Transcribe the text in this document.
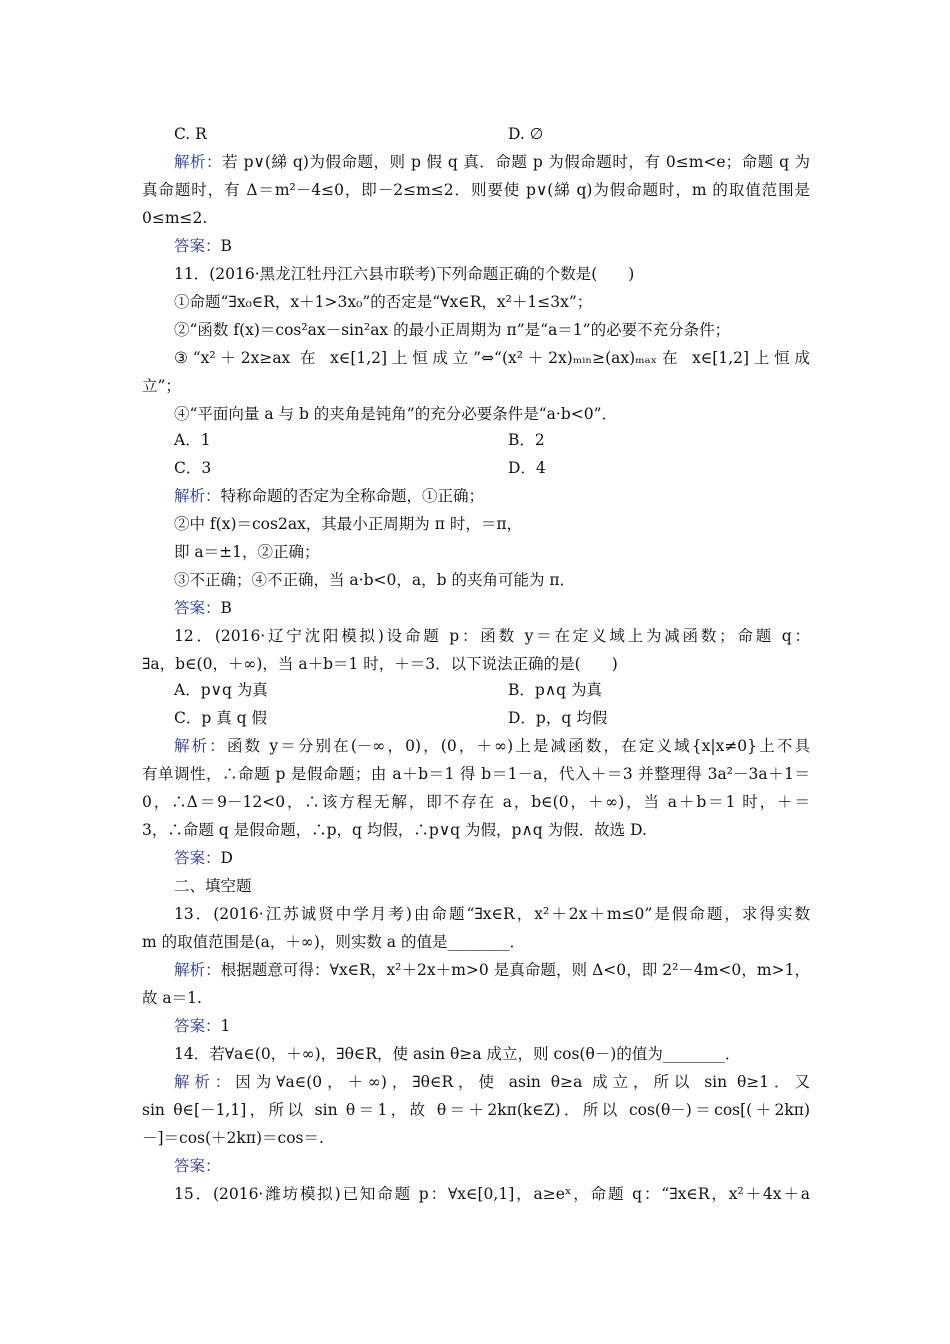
C. R	D. ∅
解析：若 p∨(綈 q)为假命题，则 p 假 q 真．命题 p 为假命题时，有 0≤m<e；命题 q 为
真命题时，有 Δ＝m²－4≤0，即－2≤m≤2．则要使 p∨(綈 q)为假命题时，m 的取值范围是
0≤m≤2.
答案：B
11．(2016·黑龙江牡丹江六县市联考)下列命题正确的个数是(　　)
①命题“∃x₀∈R，x＋1>3x₀”的否定是“∀x∈R，x²＋1≤3x”；
②“函数 f(x)＝cos²ax－sin²ax 的最小正周期为 π”是“a＝1”的必要不充分条件；
③“x²＋2x≥ax 在 x∈[1,2]上恒成立”⇔“(x²＋2x)ₘᵢₙ≥(ax)ₘₐₓ在 x∈[1,2]上恒成
立”；
④“平面向量 a 与 b 的夹角是钝角”的充分必要条件是“a·b<0”．
A．1	B．2
C．3	D．4
解析：特称命题的否定为全称命题，①正确；
②中 f(x)＝cos2ax，其最小正周期为 π 时，＝π，
即 a＝±1，②正确；
③不正确；④不正确，当 a·b<0，a，b 的夹角可能为 π．
答案：B
12．(2016·辽宁沈阳模拟)设命题 p：函数 y＝在定义域上为减函数；命题 q：
∃a，b∈(0，＋∞)，当 a＋b＝1 时，＋＝3．以下说法正确的是(　　)
A．p∨q 为真	B．p∧q 为真
C．p 真 q 假	D．p，q 均假
解析：函数 y＝分别在(－∞，0)，(0，＋∞)上是减函数，在定义域{x|x≠0}上不具
有单调性，∴命题 p 是假命题；由 a＋b＝1 得 b＝1－a，代入＋＝3 并整理得 3a²－3a＋1＝
0，∴Δ＝9－12<0，∴该方程无解，即不存在 a，b∈(0，＋∞)，当 a＋b＝1 时，＋＝
3，∴命题 q 是假命题，∴p，q 均假，∴p∨q 为假，p∧q 为假．故选 D.
答案：D
二、填空题
13．(2016·江苏诚贤中学月考)由命题“∃x∈R，x²＋2x＋m≤0”是假命题，求得实数
m 的取值范围是(a，＋∞)，则实数 a 的值是________．
解析：根据题意可得：∀x∈R，x²＋2x＋m>0 是真命题，则 Δ<0，即 2²－4m<0，m>1，
故 a＝1.
答案：1
14．若∀a∈(0，＋∞)，∃θ∈R，使 asin θ≥a 成立，则 cos(θ－)的值为________．
解析：因为∀a∈(0，＋∞)，∃θ∈R，使 asin θ≥a 成立，所以 sin θ≥1．又
sin θ∈[－1,1]，所以 sin θ＝1，故 θ＝＋2kπ(k∈Z)．所以 cos(θ－)＝cos[(＋2kπ)
－]＝cos(＋2kπ)＝cos＝.
答案：
15．(2016·潍坊模拟)已知命题 p：∀x∈[0,1]，a≥eˣ，命题 q：“∃x∈R，x²＋4x＋a
